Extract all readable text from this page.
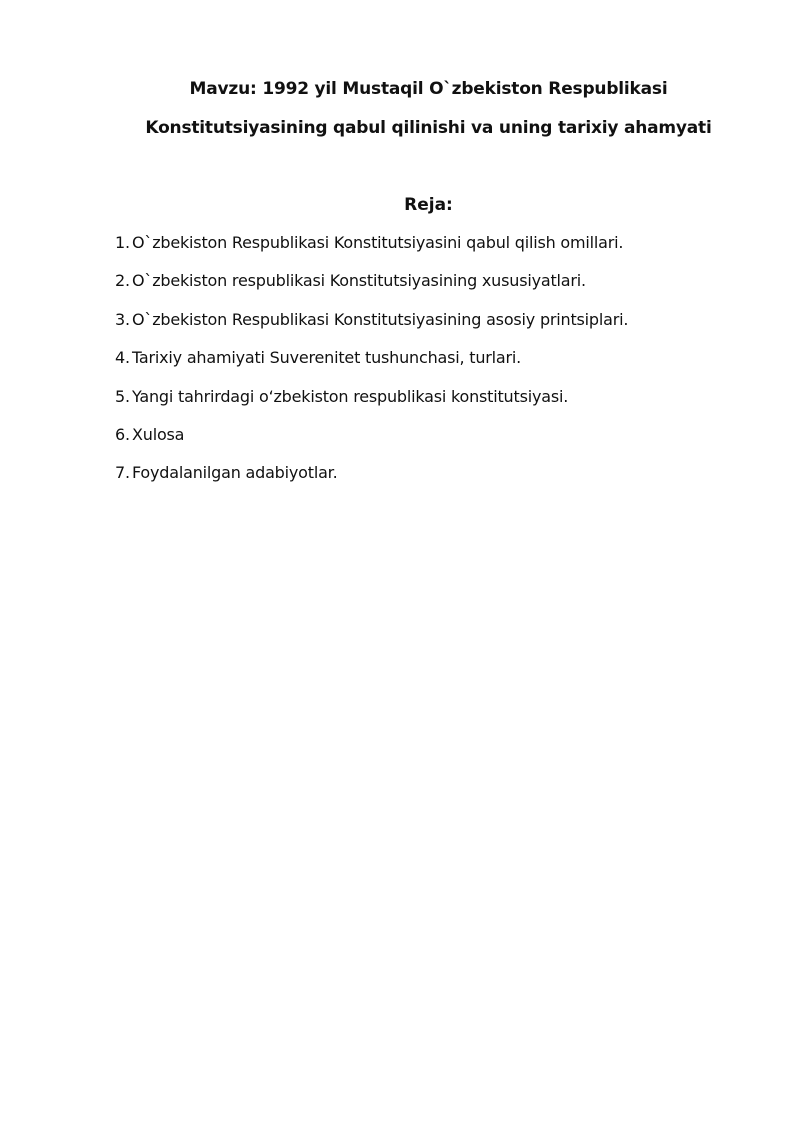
Mavzu: 1992 yil Mustaqil O`zbekiston Respublikasi
Konstitutsiyasining qabul qilinishi va uning tarixiy ahamyati
Reja:
1. O`zbekiston Respublikasi Konstitutsiyasini qabul qilish omillari.
2. O`zbekiston respublikasi Konstitutsiyasining xususiyatlari.
3. O`zbekiston Respublikasi Konstitutsiyasining asosiy printsiplari.
4. Tarixiy ahamiyati Suverenitet tushunchasi, turlari.
5. Yangi tahrirdagi o‘zbekiston respublikasi konstitutsiyasi.
6. Xulosa
7. Foydalanilgan adabiyotlar.
